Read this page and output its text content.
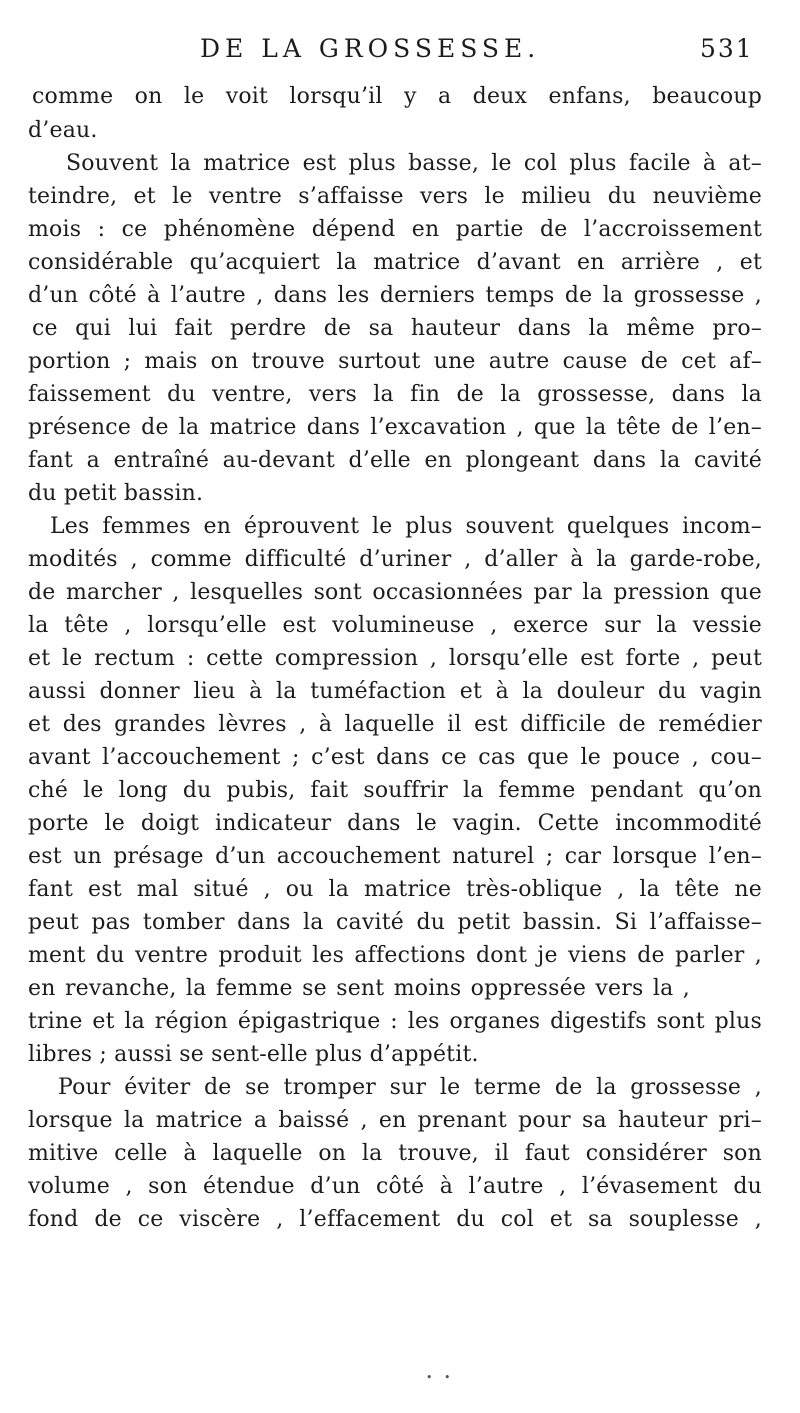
DE LA GROSSESSE.	531
comme on le voit lorsqu’il y a deux enfans, beaucoup
d’eau.
Souvent la matrice est plus basse, le col plus facile à at–
teindre, et le ventre s’affaisse vers le milieu du neuvième
mois : ce phénomène dépend en partie de l’accroissement
considérable qu’acquiert la matrice d’avant en arrière , et
d’un côté à l’autre , dans les derniers temps de la grossesse ,
ce qui lui fait perdre de sa hauteur dans la même pro–
portion ; mais on trouve surtout une autre cause de cet af–
faissement du ventre, vers la fin de la grossesse, dans la
présence de la matrice dans l’excavation , que la tête de l’en–
fant a entraîné au-devant d’elle en plongeant dans la cavité
du petit bassin.
Les femmes en éprouvent le plus souvent quelques incom–
modités , comme difficulté d’uriner , d’aller à la garde-robe,
de marcher , lesquelles sont occasionnées par la pression que
la tête , lorsqu’elle est volumineuse , exerce sur la vessie
et le rectum : cette compression , lorsqu’elle est forte , peut
aussi donner lieu à la tuméfaction et à la douleur du vagin
et des grandes lèvres , à laquelle il est difficile de remédier
avant l’accouchement ; c’est dans ce cas que le pouce , cou–
ché le long du pubis, fait souffrir la femme pendant qu’on
porte le doigt indicateur dans le vagin. Cette incommodité
est un présage d’un accouchement naturel ; car lorsque l’en–
fant est mal situé , ou la matrice très-oblique , la tête ne
peut pas tomber dans la cavité du petit bassin. Si l’affaisse–
ment du ventre produit les affections dont je viens de parler ,
en revanche, la femme se sent moins oppressée vers la ,
trine et la région épigastrique : les organes digestifs sont plus
libres ; aussi se sent-elle plus d’appétit.
Pour éviter de se tromper sur le terme de la grossesse ,
lorsque la matrice a baissé , en prenant pour sa hauteur pri–
mitive celle à laquelle on la trouve, il faut considérer son
volume , son étendue d’un côté à l’autre , l’évasement du
fond de ce viscère , l’effacement du col et sa souplesse ,
• •
